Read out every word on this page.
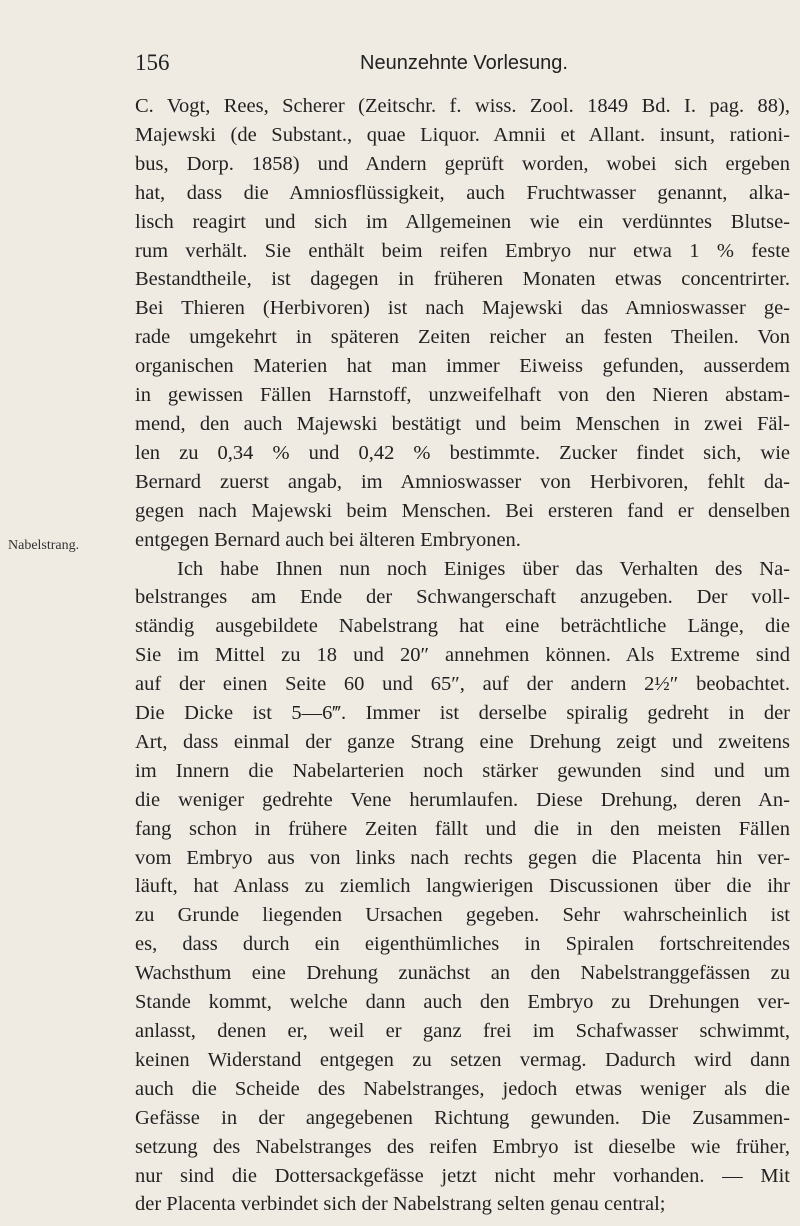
156	Neunzehnte Vorlesung.
Nabelstrang.
C. Vogt, Rees, Scherer (Zeitschr. f. wiss. Zool. 1849 Bd. I. pag. 88),
Majewski (de Substant., quae Liquor. Amnii et Allant. insunt, rationi-
bus, Dorp. 1858) und Andern geprüft worden, wobei sich ergeben
hat, dass die Amniosflüssigkeit, auch Fruchtwasser genannt, alka-
lisch reagirt und sich im Allgemeinen wie ein verdünntes Blutse-
rum verhält. Sie enthält beim reifen Embryo nur etwa 1 % feste
Bestandtheile, ist dagegen in früheren Monaten etwas concentrirter.
Bei Thieren (Herbivoren) ist nach Majewski das Amnioswasser ge-
rade umgekehrt in späteren Zeiten reicher an festen Theilen. Von
organischen Materien hat man immer Eiweiss gefunden, ausserdem
in gewissen Fällen Harnstoff, unzweifelhaft von den Nieren abstam-
mend, den auch Majewski bestätigt und beim Menschen in zwei Fäl-
len zu 0,34 % und 0,42 % bestimmte. Zucker findet sich, wie
Bernard zuerst angab, im Amnioswasser von Herbivoren, fehlt da-
gegen nach Majewski beim Menschen. Bei ersteren fand er denselben
entgegen Bernard auch bei älteren Embryonen.
Ich habe Ihnen nun noch Einiges über das Verhalten des Na-
belstranges am Ende der Schwangerschaft anzugeben. Der voll-
ständig ausgebildete Nabelstrang hat eine beträchtliche Länge, die
Sie im Mittel zu 18 und 20″ annehmen können. Als Extreme sind
auf der einen Seite 60 und 65″, auf der andern 2½″ beobachtet.
Die Dicke ist 5—6‴. Immer ist derselbe spiralig gedreht in der
Art, dass einmal der ganze Strang eine Drehung zeigt und zweitens
im Innern die Nabelarterien noch stärker gewunden sind und um
die weniger gedrehte Vene herumlaufen. Diese Drehung, deren An-
fang schon in frühere Zeiten fällt und die in den meisten Fällen
vom Embryo aus von links nach rechts gegen die Placenta hin ver-
läuft, hat Anlass zu ziemlich langwierigen Discussionen über die ihr
zu Grunde liegenden Ursachen gegeben. Sehr wahrscheinlich ist
es, dass durch ein eigenthümliches in Spiralen fortschreitendes
Wachsthum eine Drehung zunächst an den Nabelstranggefässen zu
Stande kommt, welche dann auch den Embryo zu Drehungen ver-
anlasst, denen er, weil er ganz frei im Schafwasser schwimmt,
keinen Widerstand entgegen zu setzen vermag. Dadurch wird dann
auch die Scheide des Nabelstranges, jedoch etwas weniger als die
Gefässe in der angegebenen Richtung gewunden. Die Zusammen-
setzung des Nabelstranges des reifen Embryo ist dieselbe wie früher,
nur sind die Dottersackgefässe jetzt nicht mehr vorhanden. — Mit
der Placenta verbindet sich der Nabelstrang selten genau central;
